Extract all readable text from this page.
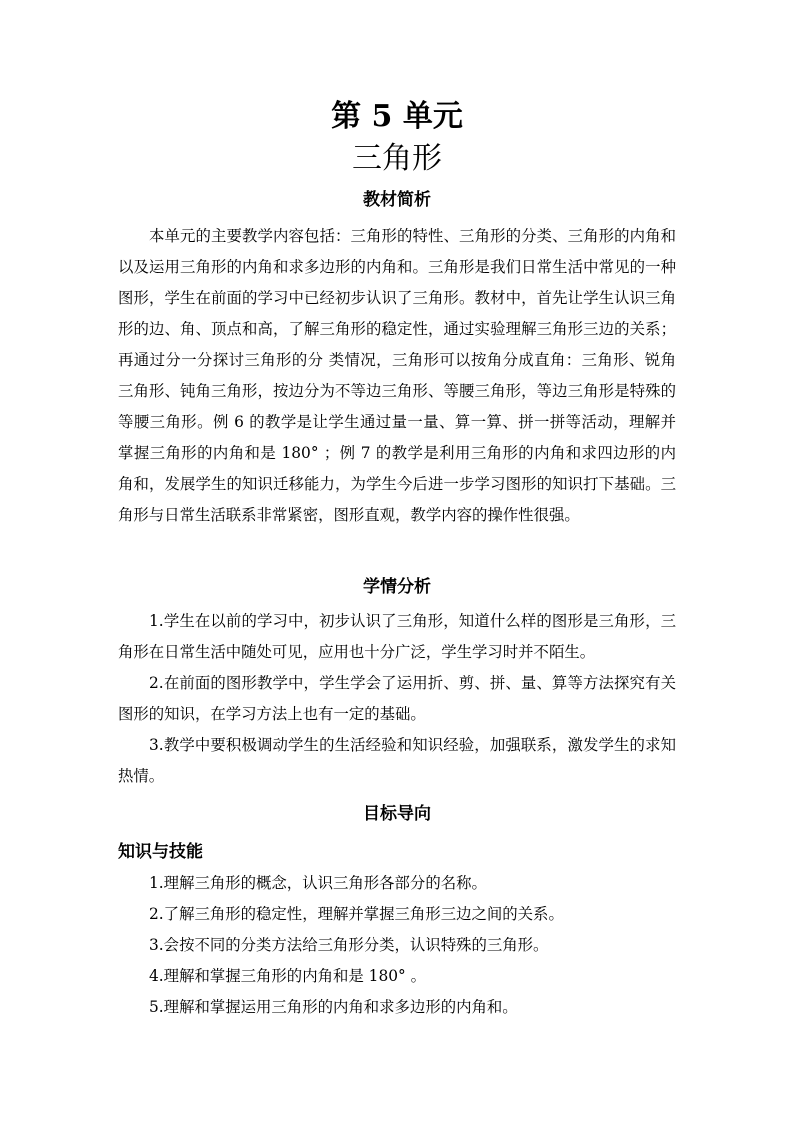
第 5 单元
三角形
教材简析
本单元的主要教学内容包括：三角形的特性、三角形的分类、三角形的内角和以及运用三角形的内角和求多边形的内角和。三角形是我们日常生活中常见的一种图形，学生在前面的学习中已经初步认识了三角形。教材中，首先让学生认识三角形的边、角、顶点和高，了解三角形的稳定性，通过实验理解三角形三边的关系；再通过分一分探讨三角形的分 类情况，三角形可以按角分成直角：三角形、锐角三角形、钝角三角形，按边分为不等边三角形、等腰三角形，等边三角形是特殊的等腰三角形。例 6 的教学是让学生通过量一量、算一算、拼一拼等活动，理解并掌握三角形的内角和是 180° ；例 7 的教学是利用三角形的内角和求四边形的内角和，发展学生的知识迁移能力，为学生今后进一步学习图形的知识打下基础。三角形与日常生活联系非常紧密，图形直观，教学内容的操作性很强。
学情分析
1.学生在以前的学习中，初步认识了三角形，知道什么样的图形是三角形，三角形在日常生活中随处可见，应用也十分广泛，学生学习时并不陌生。
2.在前面的图形教学中，学生学会了运用折、剪、拼、量、算等方法探究有关图形的知识，在学习方法上也有一定的基础。
3.教学中要积极调动学生的生活经验和知识经验，加强联系，激发学生的求知热情。
目标导向
知识与技能
1.理解三角形的概念，认识三角形各部分的名称。
2.了解三角形的稳定性，理解并掌握三角形三边之间的关系。
3.会按不同的分类方法给三角形分类，认识特殊的三角形。
4.理解和掌握三角形的内角和是 180° 。
5.理解和掌握运用三角形的内角和求多边形的内角和。
